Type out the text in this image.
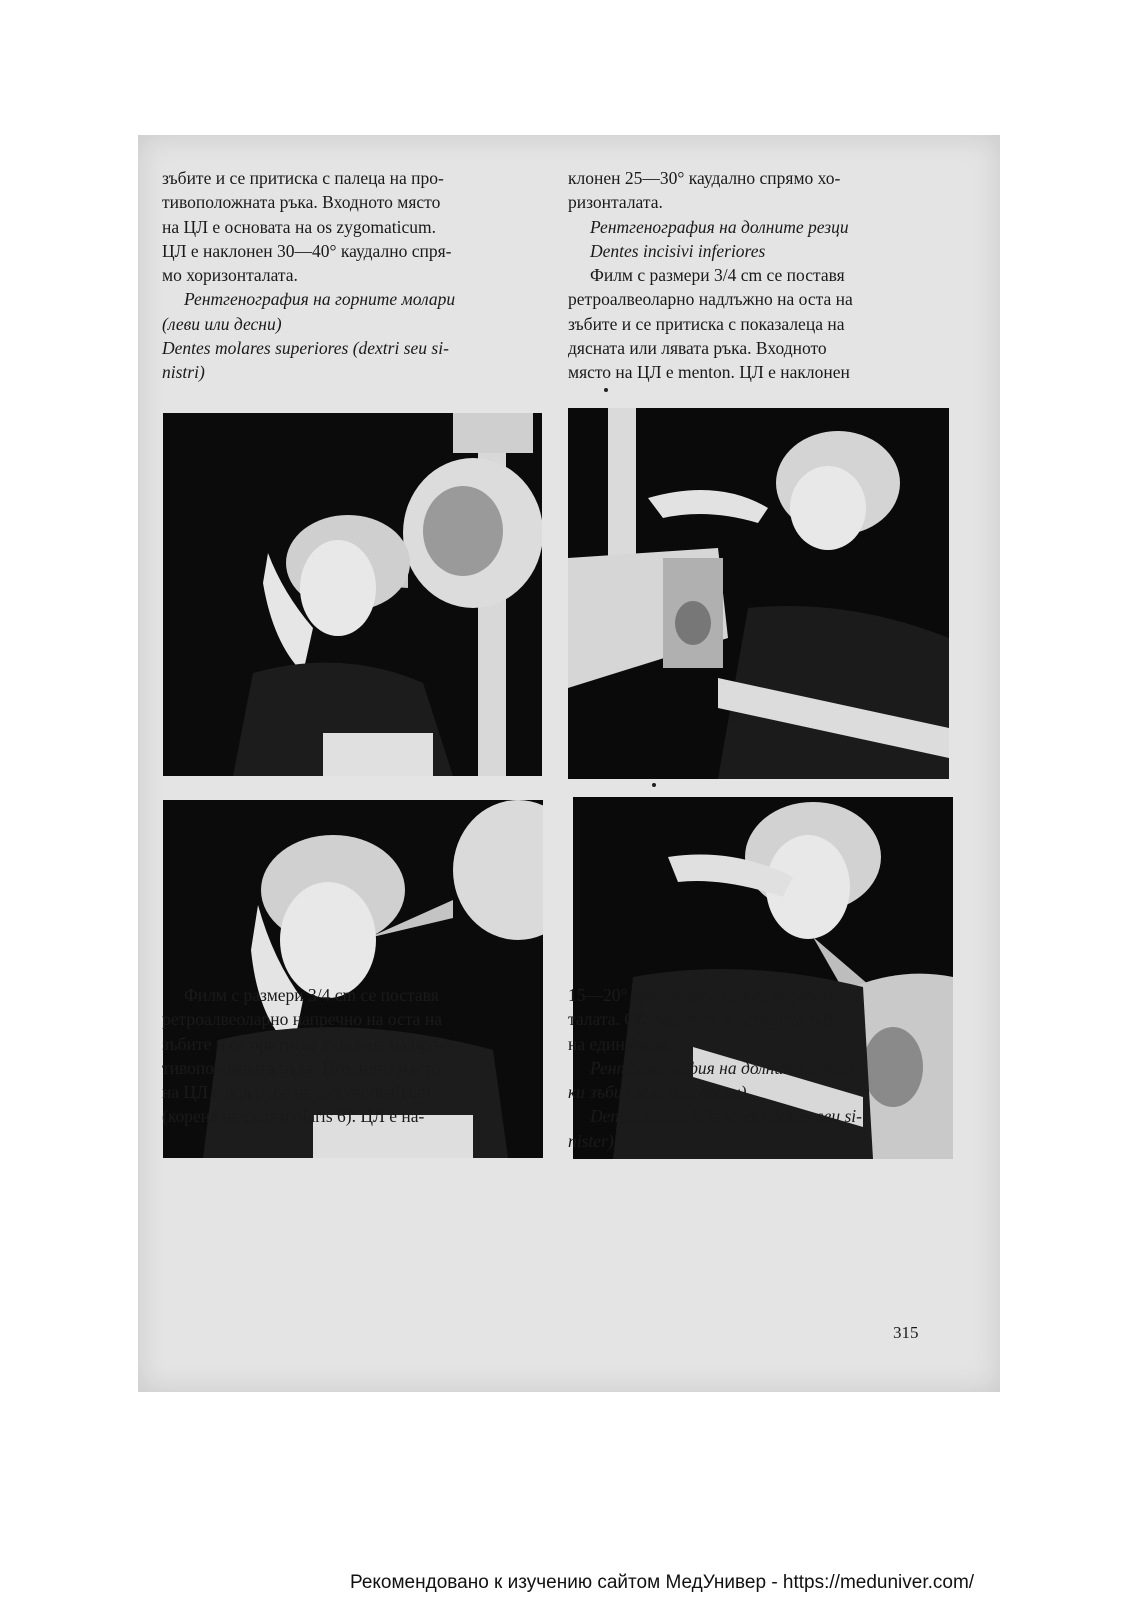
зъбите и се притиска с палеца на про-
тивоположната ръка. Входното място
на ЦЛ е основата на os zygomaticum.
ЦЛ е наклонен 30—40° каудално спря-
мо хоризонталата.
Рентгенография на горните молари
(леви или десни)
Dentes molares superiores (dextri seu si-
nistri)
клонен 25—30° каудално спрямо хо-
ризонталата.
Рентгенография на долните резци
Dentes incisivi inferiores
Филм с размери 3/4 cm се поставя
ретроалвеоларно надлъжно на оста на
зъбите и се притиска с показалеца на
дясната или лявата ръка. Входното
място на ЦЛ е menton. ЦЛ е наклонен
Филм с размери 3/4 cm се поставя
ретроалвеоларно напречно на оста на
зъбите и се притиска с палеца на про-
тивоположната ръка. Входното място
на ЦЛ е под ръба на os zygomaticum
(корена на dens molaris 6). ЦЛ е на-
15—20° краниално спрямо хоризон-
талата. Обхващат се и четирите зъба
на един филм.
Рентгенография на долните кучеш-
ки зъби (леви или десни)
Dentes canini inferiores (dexter seu si-
nister)
315
Рекомендовано к изучению сайтом МедУнивер - https://meduniver.com/
